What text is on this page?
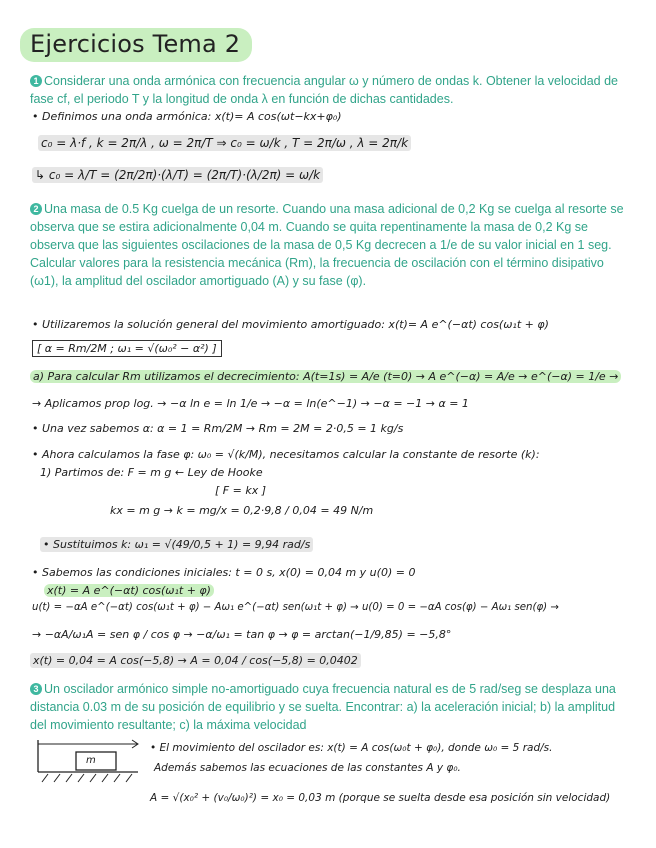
Ejercicios Tema 2
1 Considerar una onda armónica con frecuencia angular ω y número de ondas k. Obtener la velocidad de fase cf, el periodo T y la longitud de onda λ en función de dichas cantidades.
• Definimos una onda armónica: x(t)= A cos(ωt−kx+φ₀)
c₀ = λ·f , k = 2π/λ , ω = 2π/T ⇒ c₀ = ω/k , T = 2π/ω , λ = 2π/k
↳ c₀ = λ/T = (2π/2π)·(λ/T) = (2π/T)·(λ/2π) = ω/k
2 Una masa de 0.5 Kg cuelga de un resorte. Cuando una masa adicional de 0,2 Kg se cuelga al resorte se observa que se estira adicionalmente 0,04 m. Cuando se quita repentinamente la masa de 0,2 Kg se observa que las siguientes oscilaciones de la masa de 0,5 Kg decrecen a 1/e de su valor inicial en 1 seg. Calcular valores para la resistencia mecánica (Rm), la frecuencia de oscilación con el término disipativo (ω1), la amplitud del oscilador amortiguado (A) y su fase (φ).
• Utilizaremos la solución general del movimiento amortiguado: x(t)= A e^(−αt) cos(ω₁t + φ)
[ α = Rm/2M ; ω₁ = √(ω₀² − α²) ]
a) Para calcular Rm utilizamos el decrecimiento: A(t=1s) = A/e (t=0) → A e^(−α) = A/e → e^(−α) = 1/e →
→ Aplicamos prop log. → −α ln e = ln 1/e → −α = ln(e^−1) → −α = −1 → α = 1
• Una vez sabemos α: α = 1 = Rm/2M → Rm = 2M = 2·0,5 = 1 kg/s
• Ahora calculamos la fase φ: ω₀ = √(k/M), necesitamos calcular la constante de resorte (k):
1) Partimos de: F = m g ← Ley de Hooke
[ F = kx ]
kx = m g → k = mg/x = 0,2·9,8 / 0,04 = 49 N/m
• Sustituimos k: ω₁ = √(49/0,5 + 1) = 9,94 rad/s
• Sabemos las condiciones iniciales: t = 0 s, x(0) = 0,04 m y u(0) = 0
x(t) = A e^(−αt) cos(ω₁t + φ)
u(t) = −αA e^(−αt) cos(ω₁t + φ) − Aω₁ e^(−αt) sen(ω₁t + φ) → u(0) = 0 = −αA cos(φ) − Aω₁ sen(φ) →
→ −αA/ω₁A = sen φ / cos φ → −α/ω₁ = tan φ → φ = arctan(−1/9,85) = −5,8°
x(t) = 0,04 = A cos(−5,8) → A = 0,04 / cos(−5,8) = 0,0402
3 Un oscilador armónico simple no-amortiguado cuya frecuencia natural es de 5 rad/seg se desplaza una distancia 0.03 m de su posición de equilibrio y se suelta. Encontrar: a) la aceleración inicial; b) la amplitud del movimiento resultante; c) la máxima velocidad
m
• El movimiento del oscilador es: x(t) = A cos(ω₀t + φ₀), donde ω₀ = 5 rad/s.
Además sabemos las ecuaciones de las constantes A y φ₀.
A = √(x₀² + (v₀/ω₀)²) = x₀ = 0,03 m (porque se suelta desde esa posición sin velocidad)
